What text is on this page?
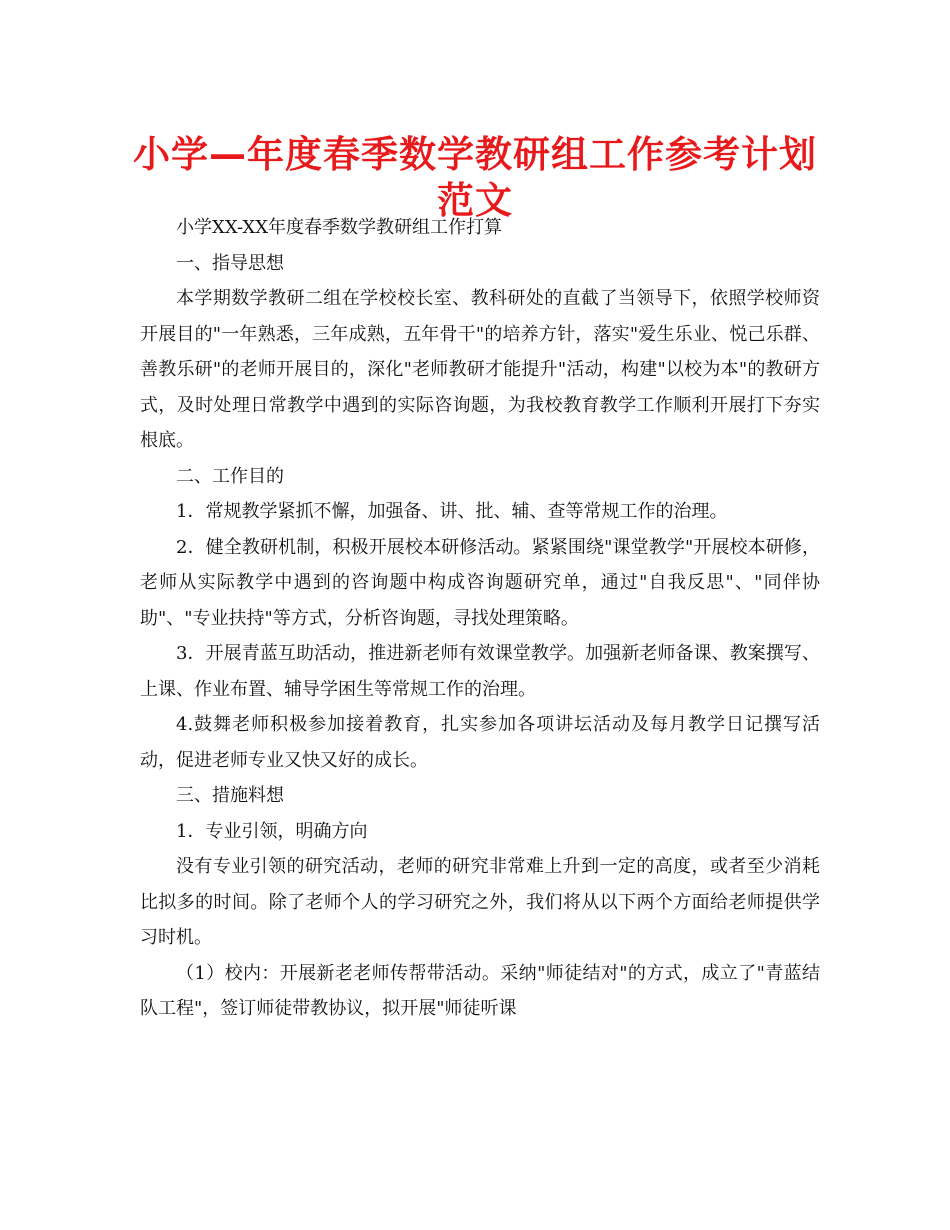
小学—年度春季数学教研组工作参考计划
范文

小学XX-XX年度春季数学教研组工作打算

一、指导思想

本学期数学教研二组在学校校长室、教科研处的直截了当领导下，依照学校师资开展目的"一年熟悉，三年成熟，五年骨干"的培养方针，落实"爱生乐业、悦己乐群、善教乐研"的老师开展目的，深化"老师教研才能提升"活动，构建"以校为本"的教研方式，及时处理日常教学中遇到的实际咨询题，为我校教育教学工作顺利开展打下夯实根底。

二、工作目的

1．常规教学紧抓不懈，加强备、讲、批、辅、查等常规工作的治理。

2．健全教研机制，积极开展校本研修活动。紧紧围绕"课堂教学"开展校本研修，老师从实际教学中遇到的咨询题中构成咨询题研究单，通过"自我反思"、"同伴协助"、"专业扶持"等方式，分析咨询题，寻找处理策略。

3．开展青蓝互助活动，推进新老师有效课堂教学。加强新老师备课、教案撰写、上课、作业布置、辅导学困生等常规工作的治理。

4.鼓舞老师积极参加接着教育，扎实参加各项讲坛活动及每月教学日记撰写活动，促进老师专业又快又好的成长。

三、措施料想

1．专业引领，明确方向

没有专业引领的研究活动，老师的研究非常难上升到一定的高度，或者至少消耗比拟多的时间。除了老师个人的学习研究之外，我们将从以下两个方面给老师提供学习时机。

（1）校内：开展新老老师传帮带活动。采纳"师徒结对"的方式，成立了"青蓝结队工程"，签订师徒带教协议，拟开展"师徒听课
